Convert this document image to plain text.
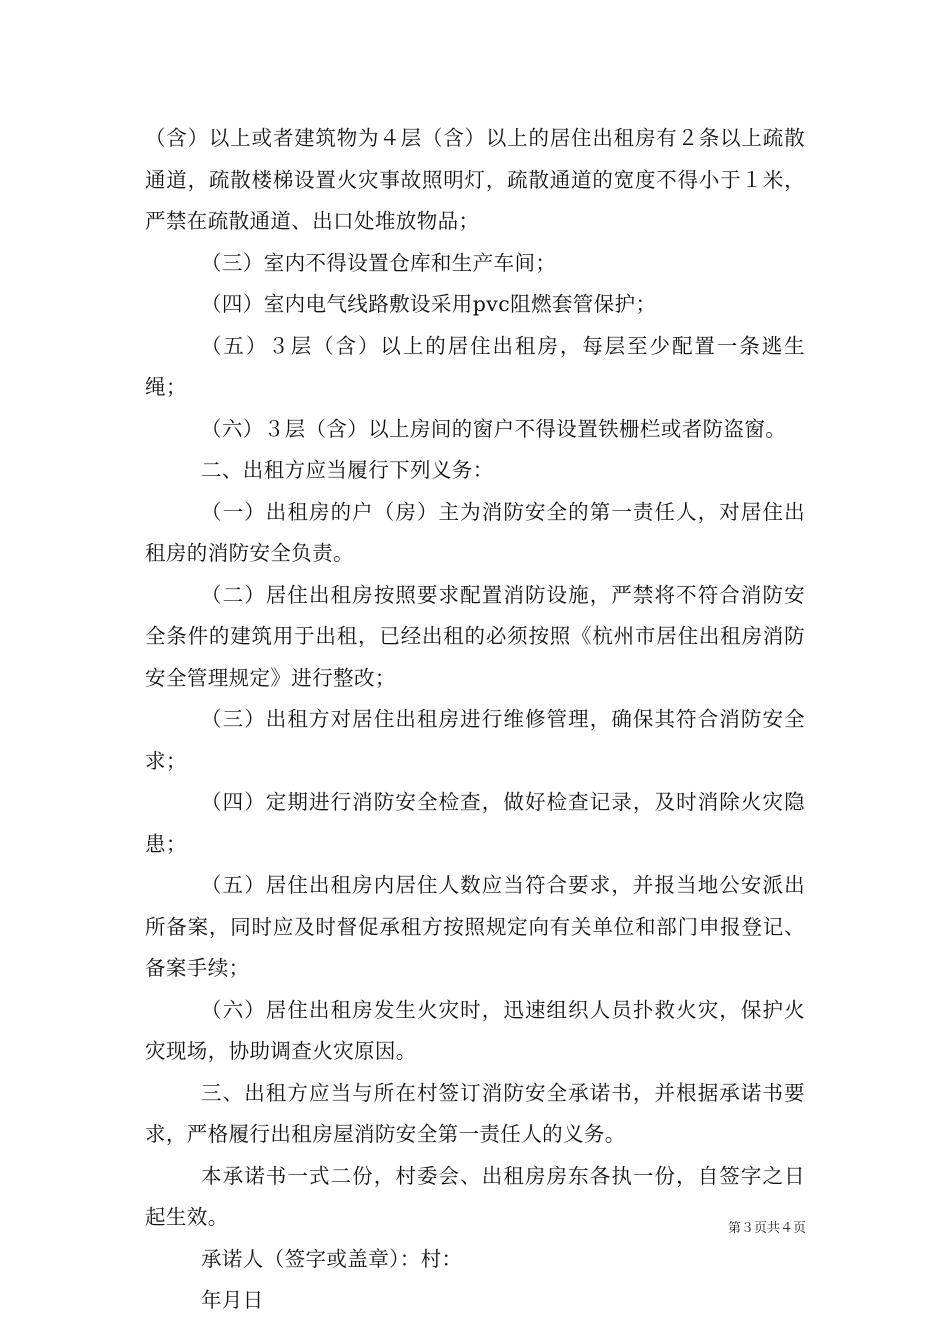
（含）以上或者建筑物为４层（含）以上的居住出租房有２条以上疏散通道，疏散楼梯设置火灾事故照明灯，疏散通道的宽度不得小于１米，严禁在疏散通道、出口处堆放物品；

（三）室内不得设置仓库和生产车间；

（四）室内电气线路敷设采用pvc阻燃套管保护；

（五）３层（含）以上的居住出租房，每层至少配置一条逃生绳；

（六）３层（含）以上房间的窗户不得设置铁栅栏或者防盗窗。

二、出租方应当履行下列义务：

（一）出租房的户（房）主为消防安全的第一责任人，对居住出租房的消防安全负责。

（二）居住出租房按照要求配置消防设施，严禁将不符合消防安全条件的建筑用于出租，已经出租的必须按照《杭州市居住出租房消防安全管理规定》进行整改；

（三）出租方对居住出租房进行维修管理，确保其符合消防安全求；

（四）定期进行消防安全检查，做好检查记录，及时消除火灾隐患；

（五）居住出租房内居住人数应当符合要求，并报当地公安派出所备案，同时应及时督促承租方按照规定向有关单位和部门申报登记、备案手续；

（六）居住出租房发生火灾时，迅速组织人员扑救火灾，保护火灾现场，协助调查火灾原因。

三、出租方应当与所在村签订消防安全承诺书，并根据承诺书要求，严格履行出租房屋消防安全第一责任人的义务。

本承诺书一式二份，村委会、出租房房东各执一份，自签字之日起生效。

承诺人（签字或盖章）：村：

年月日

第３页共４页
